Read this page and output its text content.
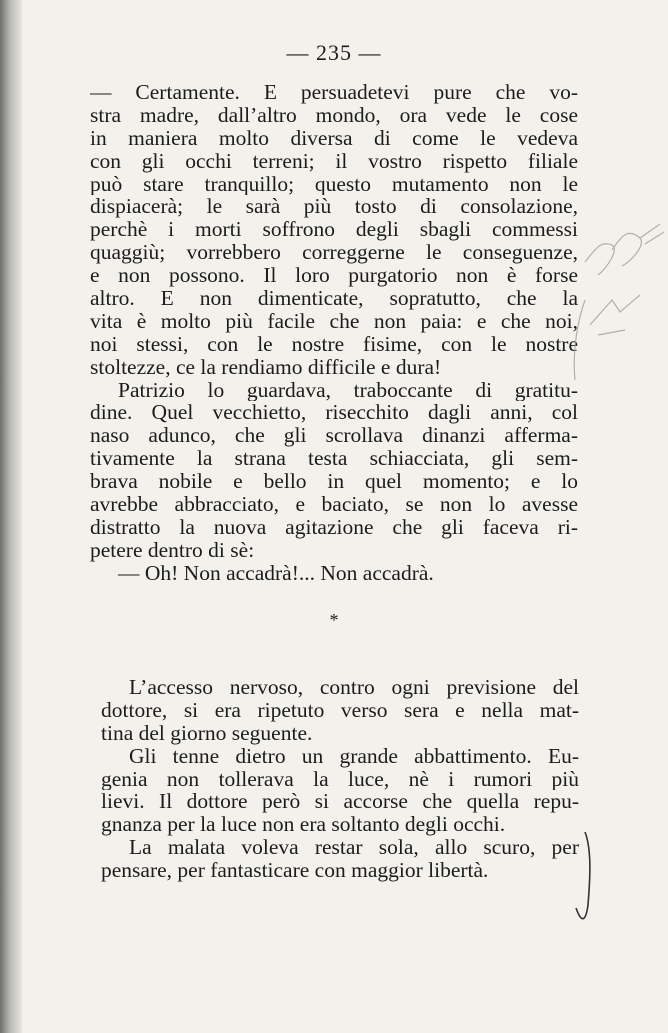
— 235 —
— Certamente. E persuadetevi pure che vo-
stra madre, dall’altro mondo, ora vede le cose
in maniera molto diversa di come le vedeva
con gli occhi terreni; il vostro rispetto filiale
può stare tranquillo; questo mutamento non le
dispiacerà; le sarà più tosto di consolazione,
perchè i morti soffrono degli sbagli commessi
quaggiù; vorrebbero correggerne le conseguenze,
e non possono. Il loro purgatorio non è forse
altro. E non dimenticate, sopratutto, che la
vita è molto più facile che non paia: e che noi,
noi stessi, con le nostre fisime, con le nostre
stoltezze, ce la rendiamo difficile e dura!
Patrizio lo guardava, traboccante di gratitu-
dine. Quel vecchietto, risecchito dagli anni, col
naso adunco, che gli scrollava dinanzi afferma-
tivamente la strana testa schiacciata, gli sem-
brava nobile e bello in quel momento; e lo
avrebbe abbracciato, e baciato, se non lo avesse
distratto la nuova agitazione che gli faceva ri-
petere dentro di sè:
— Oh! Non accadrà!... Non accadrà.
*
L’accesso nervoso, contro ogni previsione del
dottore, si era ripetuto verso sera e nella mat-
tina del giorno seguente.
Gli tenne dietro un grande abbattimento. Eu-
genia non tollerava la luce, nè i rumori più
lievi. Il dottore però si accorse che quella repu-
gnanza per la luce non era soltanto degli occhi.
La malata voleva restar sola, allo scuro, per
pensare, per fantasticare con maggior libertà.
